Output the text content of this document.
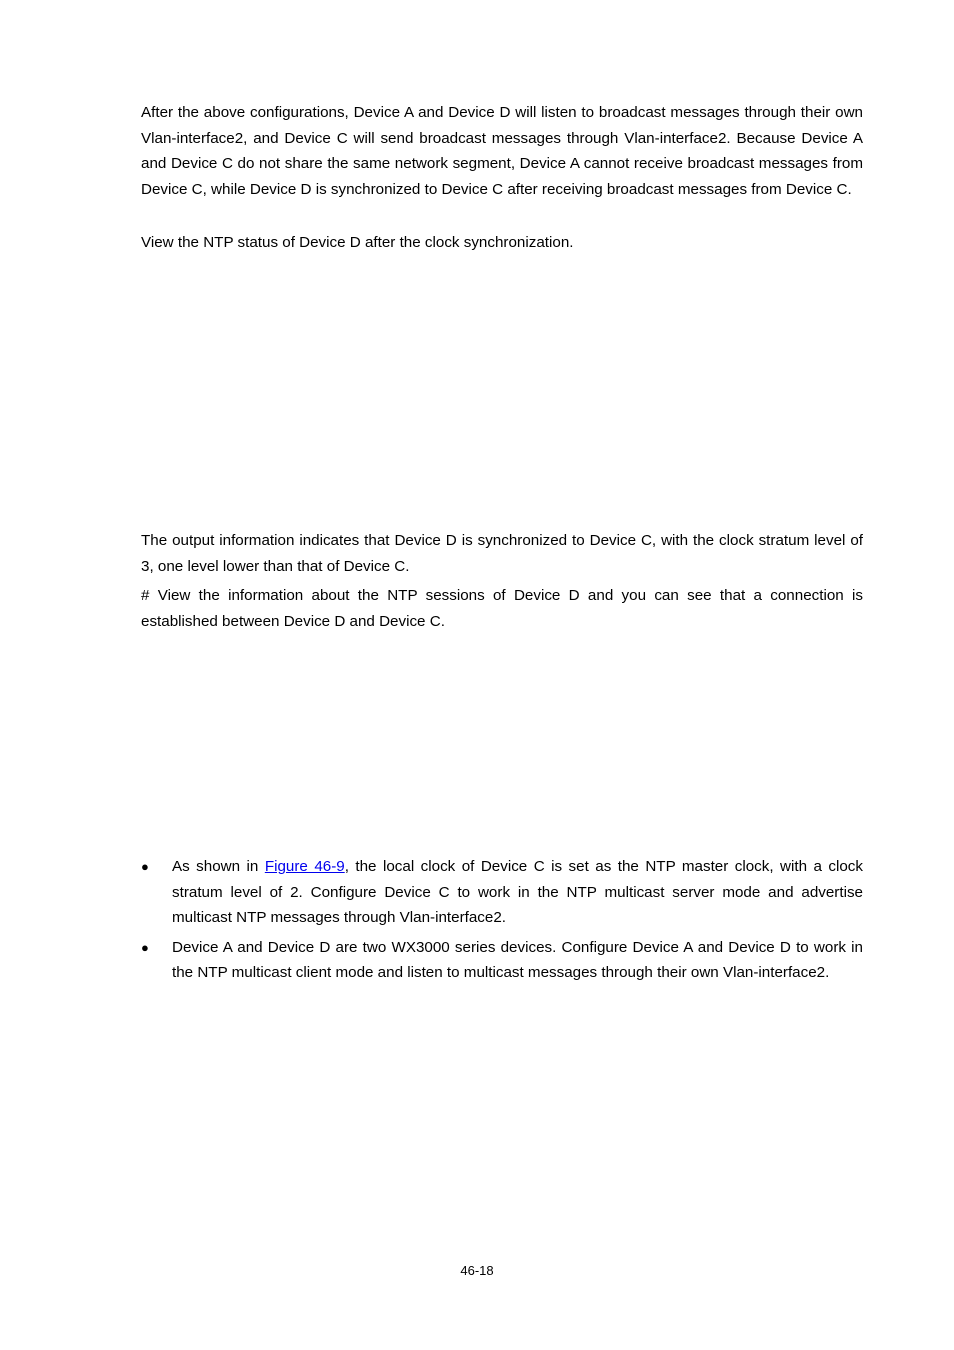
After the above configurations, Device A and Device D will listen to broadcast messages through their own Vlan-interface2, and Device C will send broadcast messages through Vlan-interface2. Because Device A and Device C do not share the same network segment, Device A cannot receive broadcast messages from Device C, while Device D is synchronized to Device C after receiving broadcast messages from Device C.

View the NTP status of Device D after the clock synchronization.

The output information indicates that Device D is synchronized to Device C, with the clock stratum level of 3, one level lower than that of Device C.

# View the information about the NTP sessions of Device D and you can see that a connection is established between Device D and Device C.

● As shown in Figure 46-9, the local clock of Device C is set as the NTP master clock, with a clock stratum level of 2. Configure Device C to work in the NTP multicast server mode and advertise multicast NTP messages through Vlan-interface2.
● Device A and Device D are two WX3000 series devices. Configure Device A and Device D to work in the NTP multicast client mode and listen to multicast messages through their own Vlan-interface2.
46-18
